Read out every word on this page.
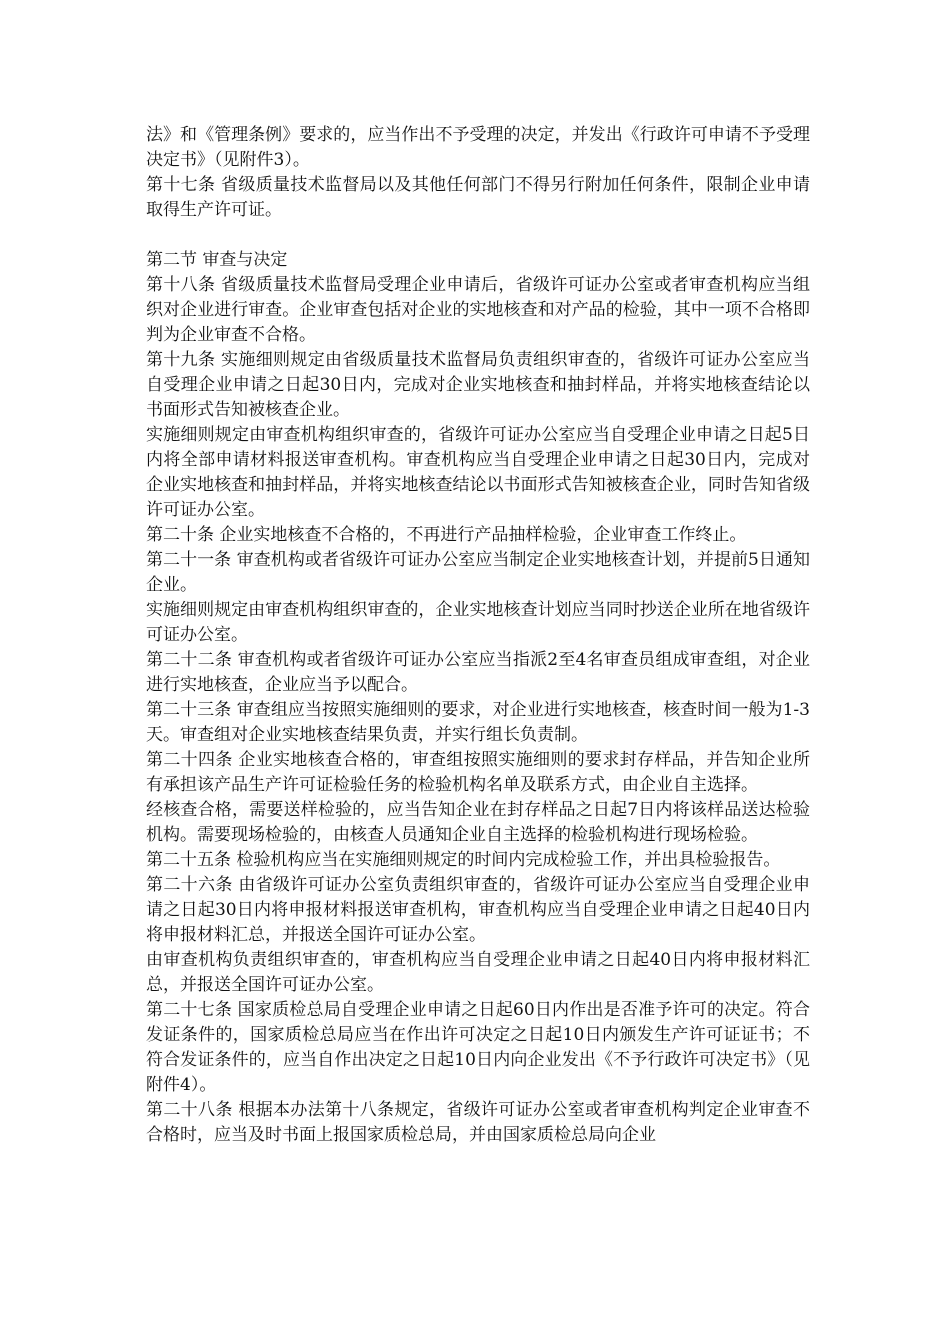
法》和《管理条例》要求的，应当作出不予受理的决定，并发出《行政许可申请不予受理决定书》（见附件3）。

第十七条 省级质量技术监督局以及其他任何部门不得另行附加任何条件，限制企业申请取得生产许可证。

第二节 审查与决定

第十八条 省级质量技术监督局受理企业申请后，省级许可证办公室或者审查机构应当组织对企业进行审查。企业审查包括对企业的实地核查和对产品的检验，其中一项不合格即判为企业审查不合格。

第十九条 实施细则规定由省级质量技术监督局负责组织审查的，省级许可证办公室应当自受理企业申请之日起30日内，完成对企业实地核查和抽封样品，并将实地核查结论以书面形式告知被核查企业。

实施细则规定由审查机构组织审查的，省级许可证办公室应当自受理企业申请之日起5日内将全部申请材料报送审查机构。审查机构应当自受理企业申请之日起30日内，完成对企业实地核查和抽封样品，并将实地核查结论以书面形式告知被核查企业，同时告知省级许可证办公室。

第二十条 企业实地核查不合格的，不再进行产品抽样检验，企业审查工作终止。

第二十一条 审查机构或者省级许可证办公室应当制定企业实地核查计划，并提前5日通知企业。

实施细则规定由审查机构组织审查的，企业实地核查计划应当同时抄送企业所在地省级许可证办公室。

第二十二条 审查机构或者省级许可证办公室应当指派2至4名审查员组成审查组，对企业进行实地核查，企业应当予以配合。

第二十三条 审查组应当按照实施细则的要求，对企业进行实地核查，核查时间一般为1-3天。审查组对企业实地核查结果负责，并实行组长负责制。

第二十四条 企业实地核查合格的，审查组按照实施细则的要求封存样品，并告知企业所有承担该产品生产许可证检验任务的检验机构名单及联系方式，由企业自主选择。

经核查合格，需要送样检验的，应当告知企业在封存样品之日起7日内将该样品送达检验机构。需要现场检验的，由核查人员通知企业自主选择的检验机构进行现场检验。

第二十五条 检验机构应当在实施细则规定的时间内完成检验工作，并出具检验报告。

第二十六条 由省级许可证办公室负责组织审查的，省级许可证办公室应当自受理企业申请之日起30日内将申报材料报送审查机构，审查机构应当自受理企业申请之日起40日内将申报材料汇总，并报送全国许可证办公室。

由审查机构负责组织审查的，审查机构应当自受理企业申请之日起40日内将申报材料汇总，并报送全国许可证办公室。

第二十七条 国家质检总局自受理企业申请之日起60日内作出是否准予许可的决定。符合发证条件的，国家质检总局应当在作出许可决定之日起10日内颁发生产许可证证书；不符合发证条件的，应当自作出决定之日起10日内向企业发出《不予行政许可决定书》（见附件4）。

第二十八条 根据本办法第十八条规定，省级许可证办公室或者审查机构判定企业审查不合格时，应当及时书面上报国家质检总局，并由国家质检总局向企业
